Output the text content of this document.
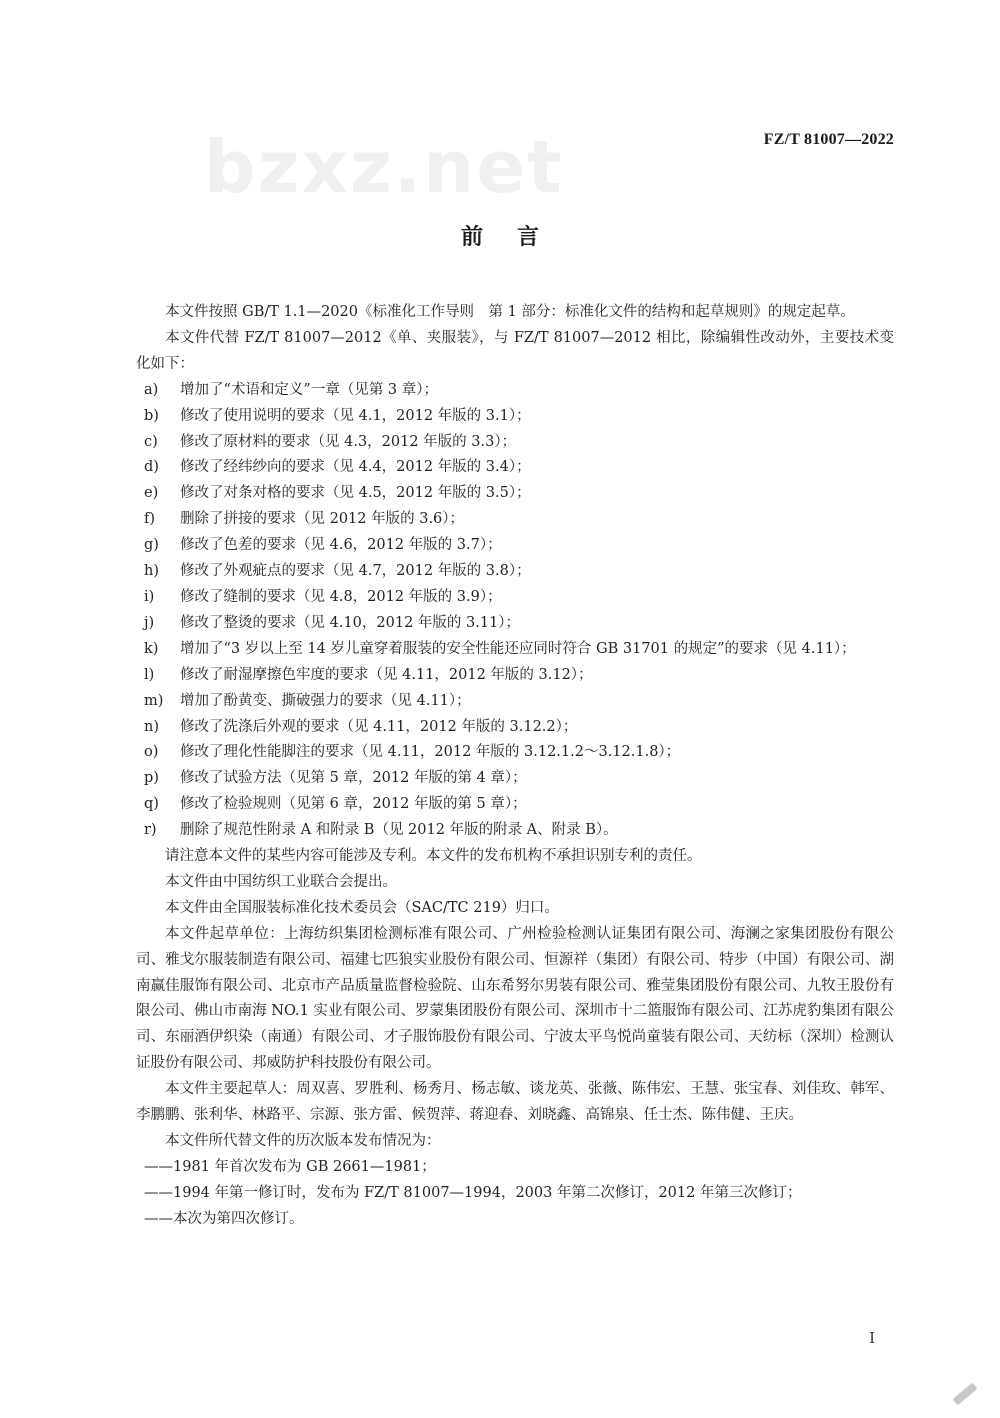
bzxz.net	FZ/T 81007—2022
前言

本文件按照 GB/T 1.1—2020《标准化工作导则　第 1 部分：标准化文件的结构和起草规则》的规定起草。

本文件代替 FZ/T 81007—2012《单、夹服装》，与 FZ/T 81007—2012 相比，除编辑性改动外，主要技术变化如下：

a)	增加了“术语和定义”一章（见第 3 章）；
b)	修改了使用说明的要求（见 4.1，2012 年版的 3.1）；
c)	修改了原材料的要求（见 4.3，2012 年版的 3.3）；
d)	修改了经纬纱向的要求（见 4.4，2012 年版的 3.4）；
e)	修改了对条对格的要求（见 4.5，2012 年版的 3.5）；
f)	删除了拼接的要求（见 2012 年版的 3.6）；
g)	修改了色差的要求（见 4.6，2012 年版的 3.7）；
h)	修改了外观疵点的要求（见 4.7，2012 年版的 3.8）；
i)	修改了缝制的要求（见 4.8，2012 年版的 3.9）；
j)	修改了整烫的要求（见 4.10，2012 年版的 3.11）；
k)	增加了“3 岁以上至 14 岁儿童穿着服装的安全性能还应同时符合 GB 31701 的规定”的要求（见 4.11）；
l)	修改了耐湿摩擦色牢度的要求（见 4.11，2012 年版的 3.12）；
m)	增加了酚黄变、撕破强力的要求（见 4.11）；
n)	修改了洗涤后外观的要求（见 4.11，2012 年版的 3.12.2）；
o)	修改了理化性能脚注的要求（见 4.11，2012 年版的 3.12.1.2～3.12.1.8）；
p)	修改了试验方法（见第 5 章，2012 年版的第 4 章）；
q)	修改了检验规则（见第 6 章，2012 年版的第 5 章）；
r)	删除了规范性附录 A 和附录 B（见 2012 年版的附录 A、附录 B）。

请注意本文件的某些内容可能涉及专利。本文件的发布机构不承担识别专利的责任。

本文件由中国纺织工业联合会提出。

本文件由全国服装标准化技术委员会（SAC/TC 219）归口。

本文件起草单位：上海纺织集团检测标准有限公司、广州检验检测认证集团有限公司、海澜之家集团股份有限公司、雅戈尔服装制造有限公司、福建七匹狼实业股份有限公司、恒源祥（集团）有限公司、特步（中国）有限公司、湖南赢佳服饰有限公司、北京市产品质量监督检验院、山东希努尔男装有限公司、雅莹集团股份有限公司、九牧王股份有限公司、佛山市南海 NO.1 实业有限公司、罗蒙集团股份有限公司、深圳市十二篮服饰有限公司、江苏虎豹集团有限公司、东丽酒伊织染（南通）有限公司、才子服饰股份有限公司、宁波太平鸟悦尚童装有限公司、天纺标（深圳）检测认证股份有限公司、邦威防护科技股份有限公司。

本文件主要起草人：周双喜、罗胜利、杨秀月、杨志敏、谈龙英、张薇、陈伟宏、王慧、张宝春、刘佳玫、韩军、李鹏鹏、张利华、林路平、宗源、张方雷、候贺萍、蒋迎春、刘晓鑫、高锦泉、任士杰、陈伟健、王庆。

本文件所代替文件的历次版本发布情况为：

——1981 年首次发布为 GB 2661—1981；

——1994 年第一修订时，发布为 FZ/T 81007—1994，2003 年第二次修订，2012 年第三次修订；

——本次为第四次修订。

I
